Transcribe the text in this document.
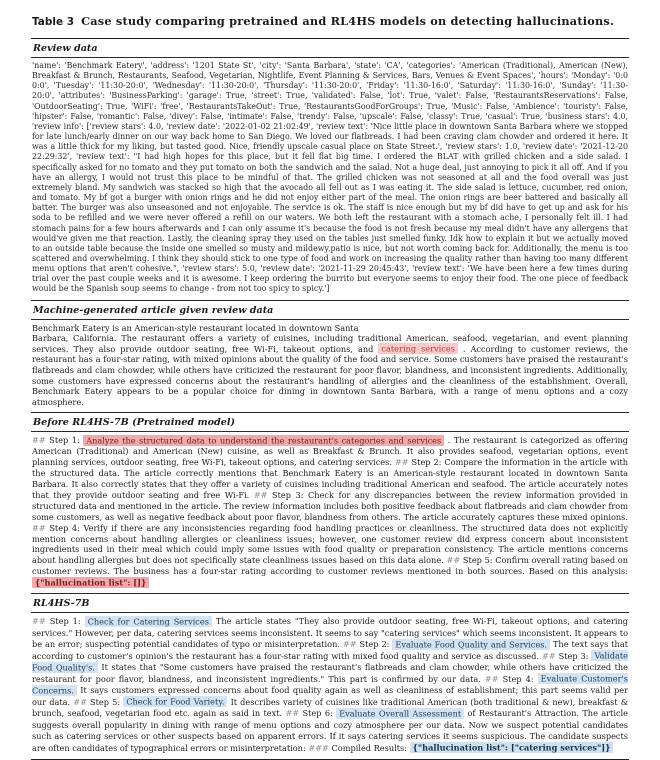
Table 3 Case study comparing pretrained and RL4HS models on detecting hallucinations.
Review data
'name': 'Benchmark Eatery', 'address': '1201 State St', 'city': 'Santa Barbara', 'state': 'CA', 'categories': 'American (Traditional), American (New), Breakfast & Brunch, Restaurants, Seafood, Vegetarian, Nightlife, Event Planning & Services, Bars, Venues & Event Spaces', 'hours': 'Monday': '0:0 0:0', 'Tuesday': '11:30-20:0', 'Wednesday': '11:30-20:0', 'Thursday': '11:30-20:0', 'Friday': '11:30-16:0', 'Saturday': '11:30-16:0', 'Sunday': '11:30-20:0', 'attributes': 'BusinessParking': 'garage': True, 'street': True, 'validated': False, 'lot': True, 'valet': False, 'RestaurantsReservations': False, 'OutdoorSeating': True, 'WiFi': 'free', 'RestaurantsTakeOut': True, 'RestaurantsGoodForGroups': True, 'Music': False, 'Ambience': 'touristy': False, 'hipster': False, 'romantic': False, 'divey': False, 'intimate': False, 'trendy': False, 'upscale': False, 'classy': True, 'casual': True, 'business stars': 4.0, 'review info': ['review stars': 4.0, 'review date': '2022-01-02 21:02:49', 'review text': 'Nice little place in downtown Santa Barbara where we stopped for late lunch/early dinner on our way back home to San Diego. We loved our flatbreads. I had been craving clam chowder and ordered it here. It was a little thick for my liking, but tasted good. Nice, friendly upscale casual place on State Street.', 'review stars': 1.0, 'review date': '2021-12-20 22:29:32', 'review text': "I had high hopes for this place, but it fell flat big time. I ordered the BLAT with grilled chicken and a side salad. I specifically asked for no tomato and they put tomato on both the sandwich and the salad. Not a huge deal, just annoying to pick it all off. And if you have an allergy, I would not trust this place to be mindful of that. The grilled chicken was not seasoned at all and the food overall was just extremely bland. My sandwich was stacked so high that the avocado all fell out as I was eating it. The side salad is lettuce, cucumber, red onion, and tomato. My bf got a burger with onion rings and he did not enjoy either part of the meal. The onion rings are beer battered and basically all batter. The burger was also unseasoned and not enjoyable. The service is ok. The staff is nice enough but my bf did have to get up and ask for his soda to be refilled and we were never offered a refill on our waters. We both left the restaurant with a stomach ache, I personally felt ill. I had stomach pains for a few hours afterwards and I can only assume it's because the food is not fresh because my meal didn't have any allergens that would've given me that reaction. Lastly, the cleaning spray they used on the tables just smelled funky. Idk how to explain it but we actually moved to an outside table because the inside one smelled so musty and mildewy.patio is nice, but not worth coming back for. Additionally, the menu is too scattered and overwhelming. I think they should stick to one type of food and work on increasing the quality rather than having too many different menu options that aren't cohesive.", 'review stars': 5.0, 'review date': '2021-11-29 20:45:43', 'review text': 'We have been here a few times during trial over the past couple weeks and it is awesome. I keep ordering the burrito but everyone seems to enjoy their food. The one piece of feedback would be the Spanish soup seems to change - from not too spicy to spicy.']
Machine-generated article given review data
Benchmark Eatery is an American-style restaurant located in downtown Santa
Barbara, California. The restaurant offers a variety of cuisines, including traditional American, seafood, vegetarian, and event planning services. They also provide outdoor seating, free Wi-Fi, takeout options, and catering services . According to customer reviews, the restaurant has a four-star rating, with mixed opinions about the quality of the food and service. Some customers have praised the restaurant's flatbreads and clam chowder, while others have criticized the restaurant for poor flavor, blandness, and inconsistent ingredients. Additionally, some customers have expressed concerns about the restaurant's handling of allergies and the cleanliness of the establishment. Overall, Benchmark Eatery appears to be a popular choice for dining in downtown Santa Barbara, with a range of menu options and a cozy atmosphere.
Before RL4HS-7B (Pretrained model)
## Step 1: Analyze the structured data to understand the restaurant's categories and services . The restaurant is categorized as offering American (Traditional) and American (New) cuisine, as well as Breakfast & Brunch. It also provides seafood, vegetarian options, event planning services, outdoor seating, free Wi-Fi, takeout options, and catering services. ## Step 2: Compare the information in the article with the structured data. The article correctly mentions that Benchmark Eatery is an American-style restaurant located in downtown Santa Barbara. It also correctly states that they offer a variety of cuisines including traditional American and seafood. The article accurately notes that they provide outdoor seating and free Wi-Fi. ## Step 3: Check for any discrepancies between the review information provided in structured data and mentioned in the article. The review information includes both positive feedback about flatbreads and clam chowder from some customers, as well as negative feedback about poor flavor, blandness from others. The article accurately captures these mixed opinions. ## Step 4: Verify if there are any inconsistencies regarding food handling practices or cleanliness. The structured data does not explicitly mention concerns about handling allergies or cleanliness issues; however, one customer review did express concern about inconsistent ingredients used in their meal which could imply some issues with food quality or preparation consistency. The article mentions concerns about handling allergies but does not specifically state cleanliness issues based on this data alone. ## Step 5: Confirm overall rating based on customer reviews. The business has a four-star rating according to customer reviews mentioned in both sources. Based on this analysis: {"hallucination list": []}
RL4HS-7B
## Step 1: Check for Catering Services The article states "They also provide outdoor seating, free Wi-Fi, takeout options, and catering services." However, per data, catering services seems inconsistent. It seems to say "catering services" which seems inconsistent. It appears to be an error; suspecting potential candidates of typo or misinterpretation. ## Step 2: Evaluate Food Quality and Services. The text says that according to customer's opinion's the restaurant has a four-star rating with mixed food quality and service as discussed. ## Step 3: Validate Food Quality's. It states that "Some customers have praised the restaurant's flatbreads and clam chowder, while others have criticized the restaurant for poor flavor, blandness, and inconsistent ingredients." This part is confirmed by our data. ## Step 4: Evaluate Customer's Concerns. It says customers expressed concerns about food quality again as well as cleanliness of establishment; this part seems valid per our data. ## Step 5: Check for Food Variety. It describes variety of cuisines like traditional American (both traditional & new), breakfast & brunch, seafood, vegetarian food etc. again as said in text. ## Step 6: Evaluate Overall Assessment of Restaurant's Attraction. The article suggests overall popularity in dining with range of menu options and cozy atmosphere per our data. Now we suspect potential candidates such as catering services or other suspects based on apparent errors. If it says catering services it seems suspicious. The candidate suspects are often candidates of typographical errors or misinterpretation: ### Compiled Results: {"hallucination list": ["catering services"]}
